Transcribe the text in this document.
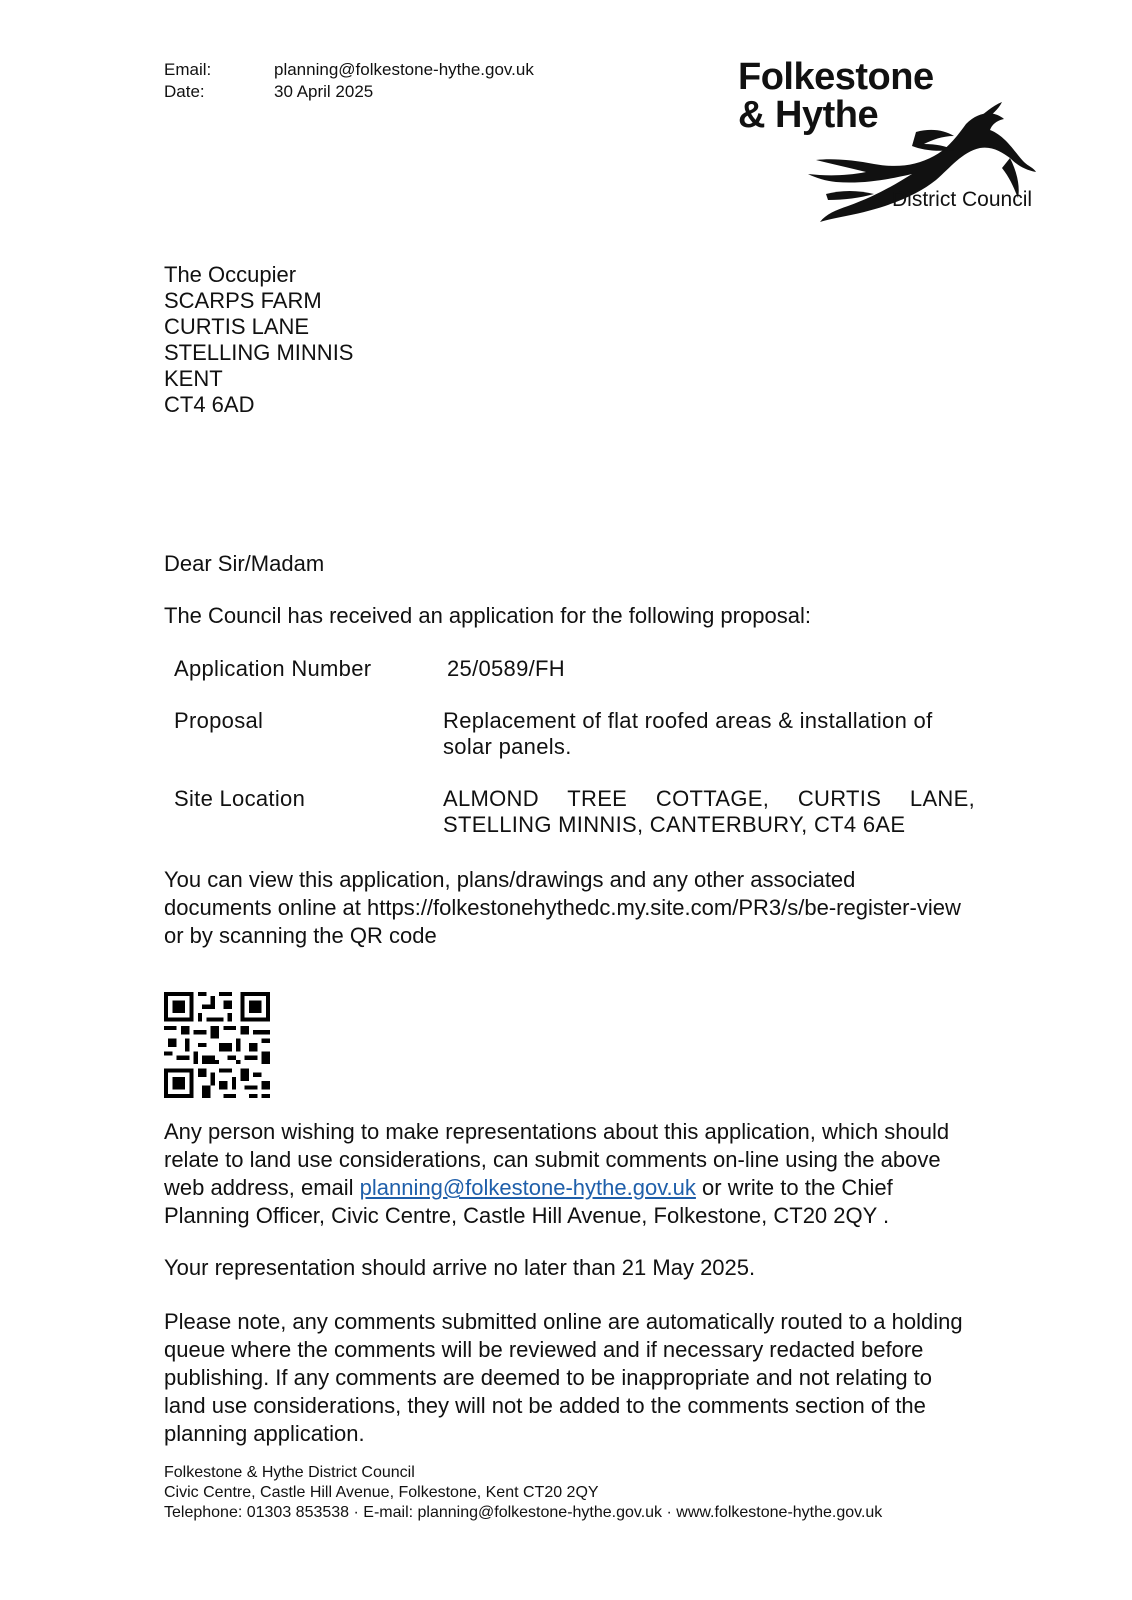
Email:	planning@folkestone-hythe.gov.uk
Date:	30 April 2025	Folkestone
& Hythe
District Council
The Occupier
SCARPS FARM
CURTIS LANE
STELLING MINNIS
KENT
CT4 6AD
Dear Sir/Madam
The Council has received an application for the following proposal:
Application Number	25/0589/FH
Proposal	Replacement of flat roofed areas & installation of
solar panels.
Site Location	ALMOND TREE COTTAGE, CURTIS LANE,
STELLING MINNIS, CANTERBURY, CT4 6AE
You can view this application, plans/drawings and any other associated
documents online at https://folkestonehythedc.my.site.com/PR3/s/be-register-view
or by scanning the QR code
Any person wishing to make representations about this application, which should
relate to land use considerations, can submit comments on-line using the above
web address, email planning@folkestone-hythe.gov.uk or write to the Chief
Planning Officer, Civic Centre, Castle Hill Avenue, Folkestone, CT20 2QY .
Your representation should arrive no later than 21 May 2025.
Please note, any comments submitted online are automatically routed to a holding
queue where the comments will be reviewed and if necessary redacted before
publishing. If any comments are deemed to be inappropriate and not relating to
land use considerations, they will not be added to the comments section of the
planning application.
Folkestone & Hythe District Council
Civic Centre, Castle Hill Avenue, Folkestone, Kent CT20 2QY
Telephone: 01303 853538 · E-mail: planning@folkestone-hythe.gov.uk · www.folkestone-hythe.gov.uk
